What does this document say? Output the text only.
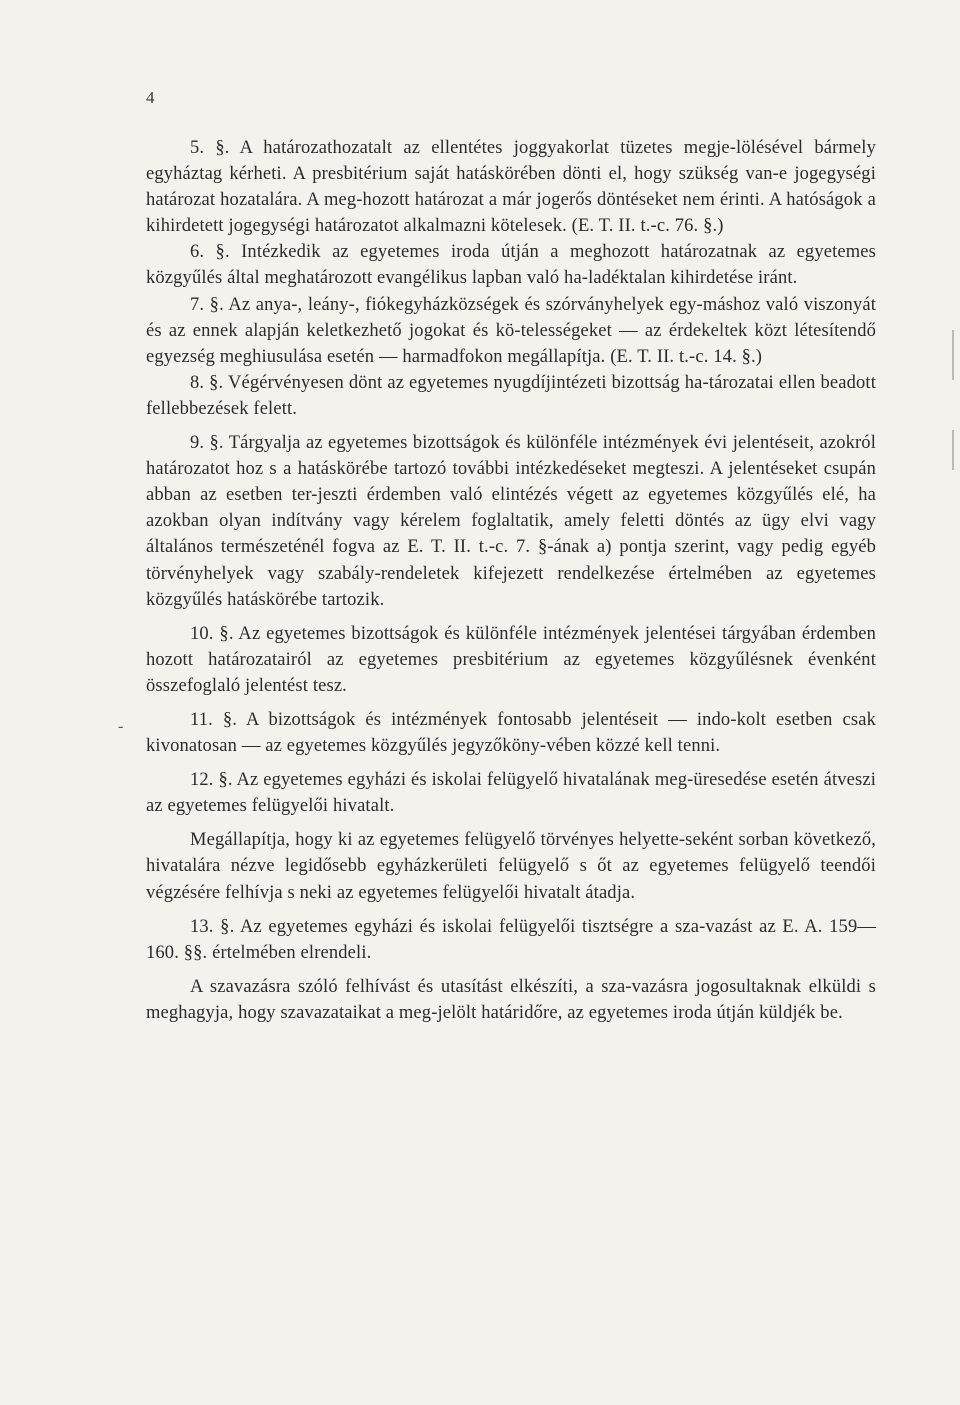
4
-

5. §. A határozathozatalt az ellentétes joggyakorlat tüzetes megje-lölésével bármely egyháztag kérheti. A presbitérium saját hatáskörében dönti el, hogy szükség van-e jogegységi határozat hozatalára. A meg-hozott határozat a már jogerős döntéseket nem érinti. A hatóságok a kihirdetett jogegységi határozatot alkalmazni kötelesek. (E. T. II. t.-c. 76. §.)

6. §. Intézkedik az egyetemes iroda útján a meghozott határozatnak az egyetemes közgyűlés által meghatározott evangélikus lapban való ha-ladéktalan kihirdetése iránt.

7. §. Az anya-, leány-, fiókegyházközségek és szórványhelyek egy-máshoz való viszonyát és az ennek alapján keletkezhető jogokat és kö-telességeket — az érdekeltek közt létesítendő egyezség meghiusulása esetén — harmadfokon megállapítja. (E. T. II. t.-c. 14. §.)

8. §. Végérvényesen dönt az egyetemes nyugdíjintézeti bizottság ha-tározatai ellen beadott fellebbezések felett.

9. §. Tárgyalja az egyetemes bizottságok és különféle intézmények évi jelentéseit, azokról határozatot hoz s a hatáskörébe tartozó további intézkedéseket megteszi. A jelentéseket csupán abban az esetben ter-jeszti érdemben való elintézés végett az egyetemes közgyűlés elé, ha azokban olyan indítvány vagy kérelem foglaltatik, amely feletti döntés az ügy elvi vagy általános természeténél fogva az E. T. II. t.-c. 7. §-ának a) pontja szerint, vagy pedig egyéb törvényhelyek vagy szabály-rendeletek kifejezett rendelkezése értelmében az egyetemes közgyűlés hatáskörébe tartozik.

10. §. Az egyetemes bizottságok és különféle intézmények jelentései tárgyában érdemben hozott határozatairól az egyetemes presbitérium az egyetemes közgyűlésnek évenként összefoglaló jelentést tesz.

11. §. A bizottságok és intézmények fontosabb jelentéseit — indo-kolt esetben csak kivonatosan — az egyetemes közgyűlés jegyzőköny-vében közzé kell tenni.

12. §. Az egyetemes egyházi és iskolai felügyelő hivatalának meg-üresedése esetén átveszi az egyetemes felügyelői hivatalt.

Megállapítja, hogy ki az egyetemes felügyelő törvényes helyette-seként sorban következő, hivatalára nézve legidősebb egyházkerületi felügyelő s őt az egyetemes felügyelő teendői végzésére felhívja s neki az egyetemes felügyelői hivatalt átadja.

13. §. Az egyetemes egyházi és iskolai felügyelői tisztségre a sza-vazást az E. A. 159—160. §§. értelmében elrendeli.

A szavazásra szóló felhívást és utasítást elkészíti, a sza-vazásra jogosultaknak elküldi s meghagyja, hogy szavazataikat a meg-jelölt határidőre, az egyetemes iroda útján küldjék be.
